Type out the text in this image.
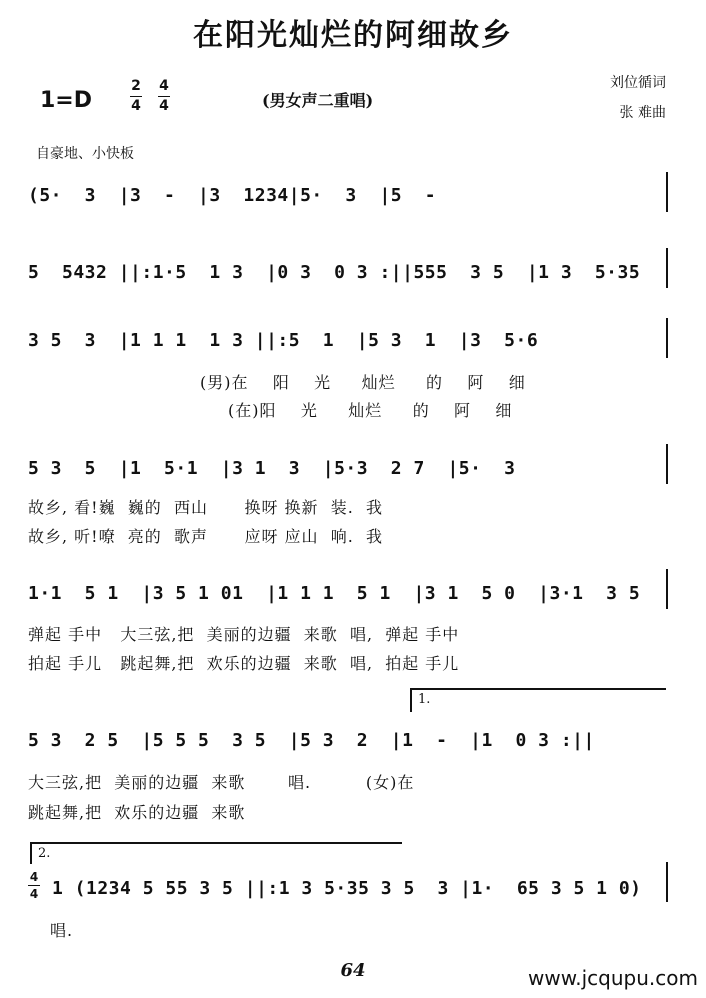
在阳光灿烂的阿细故乡
1=D
2
4
4
4	(男女声二重唱)
刘位循词
张 难曲
自豪地、小快板
(5·  3  |3  -  |3  1234|5·  3  |5  -
5  5432 ||:1·5  1 3  |0 3  0 3 :||555  3 5  |1 3  5·35
3 5  3  |1 1 1  1 3 ||:5  1  |5 3  1  |3  5·6
(男)在    阳    光     灿烂     的    阿    细
(在)阳    光     灿烂     的    阿    细
5 3  5  |1  5·1  |3 1  3  |5·3  2 7  |5·  3
故乡, 看!巍  巍的  西山      换呀 换新  装.  我
故乡, 听!嘹  亮的  歌声      应呀 应山  响.  我
1·1  5 1  |3 5 1 01  |1 1 1  5 1  |3 1  5 0  |3·1  3 5
弹起 手中   大三弦,把  美丽的边疆  来歌  唱,  弹起 手中
拍起 手儿   跳起舞,把  欢乐的边疆  来歌  唱,  拍起 手儿
1.
5 3  2 5  |5 5 5  3 5  |5 3  2  |1  -  |1  0 3 :||
大三弦,把  美丽的边疆  来歌       唱.         (女)在
跳起舞,把  欢乐的边疆  来歌
2.
4
4 1 (1234 5 55 3 5 ||:1 3 5·35 3 5  3 |1·  65 3 5 1 0)
唱.
64	www.jcqupu.com
